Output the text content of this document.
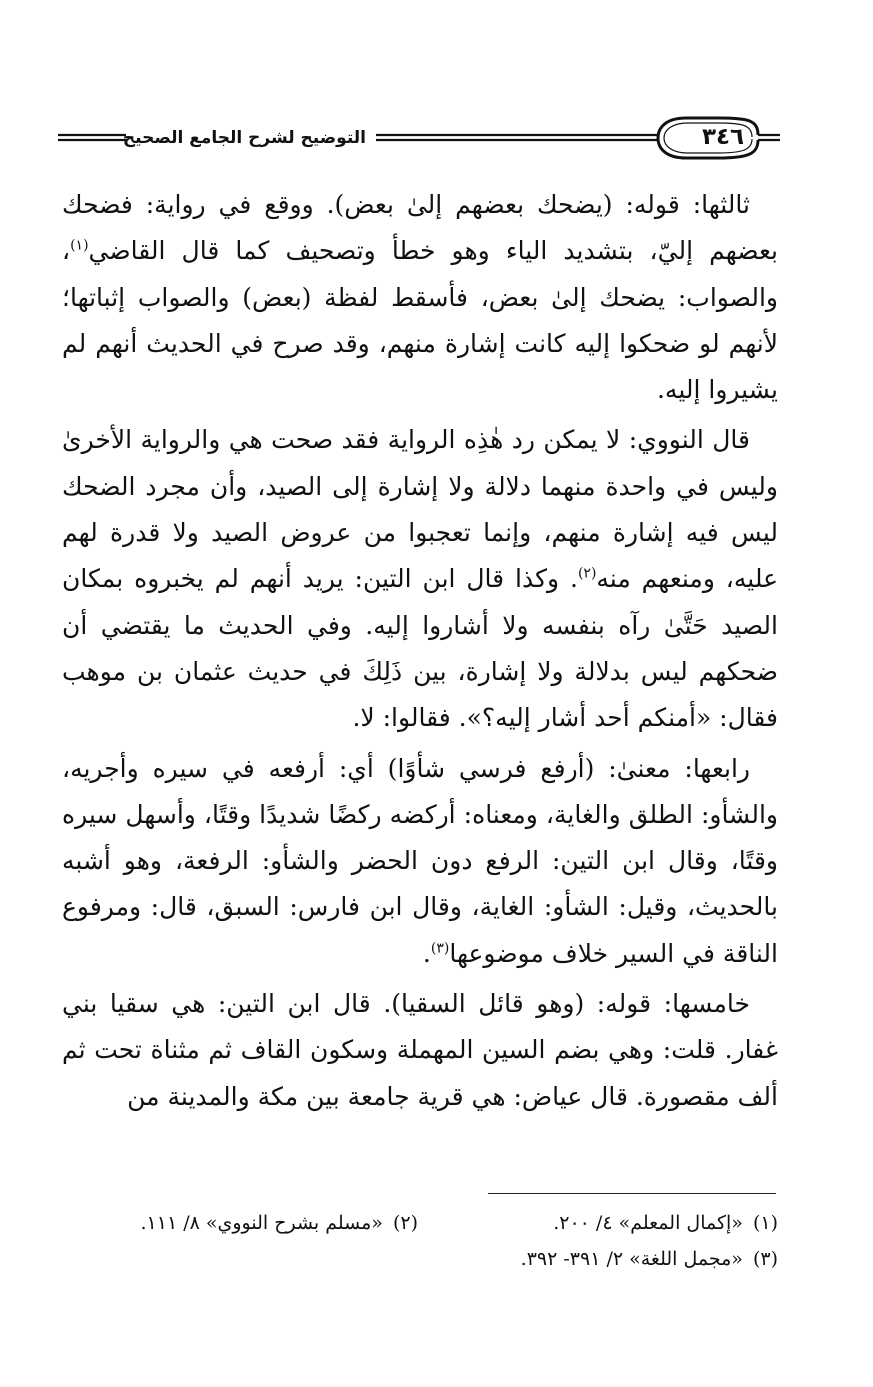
٣٤٦
التوضيح لشرح الجامع الصحيح

ثالثها: قوله: (يضحك بعضهم إلىٰ بعض). ووقع في رواية: فضحك بعضهم إليّ، بتشديد الياء وهو خطأ وتصحيف كما قال القاضي$^{(١)}$، والصواب: يضحك إلىٰ بعض، فأسقط لفظة (بعض) والصواب إثباتها؛ لأنهم لو ضحكوا إليه كانت إشارة منهم، وقد صرح في الحديث أنهم لم يشيروا إليه.

قال النووي: لا يمكن رد هٰذِه الرواية فقد صحت هي والرواية الأخرىٰ وليس في واحدة منهما دلالة ولا إشارة إلى الصيد، وأن مجرد الضحك ليس فيه إشارة منهم، وإنما تعجبوا من عروض الصيد ولا قدرة لهم عليه، ومنعهم منه$^{(٢)}$. وكذا قال ابن التين: يريد أنهم لم يخبروه بمكان الصيد حَتَّىٰ رآه بنفسه ولا أشاروا إليه. وفي الحديث ما يقتضي أن ضحكهم ليس بدلالة ولا إشارة، بين ذَلِكَ في حديث عثمان بن موهب فقال: «أمنكم أحد أشار إليه؟». فقالوا: لا.

رابعها: معنىٰ: (أرفع فرسي شأوًا) أي: أرفعه في سيره وأجريه، والشأو: الطلق والغاية، ومعناه: أركضه ركضًا شديدًا وقتًا، وأسهل سيره وقتًا، وقال ابن التين: الرفع دون الحضر والشأو: الرفعة، وهو أشبه بالحديث، وقيل: الشأو: الغاية، وقال ابن فارس: السبق، قال: ومرفوع الناقة في السير خلاف موضوعها$^{(٣)}$.

خامسها: قوله: (وهو قائل السقيا). قال ابن التين: هي سقيا بني غفار. قلت: وهي بضم السين المهملة وسكون القاف ثم مثناة تحت ثم ألف مقصورة. قال عياض: هي قرية جامعة بين مكة والمدينة من

(١)«إكمال المعلم» ٤/ ٢٠٠.
(٢)«مسلم بشرح النووي» ٨/ ١١١.
(٣)«مجمل اللغة» ٢/ ٣٩١- ٣٩٢.
